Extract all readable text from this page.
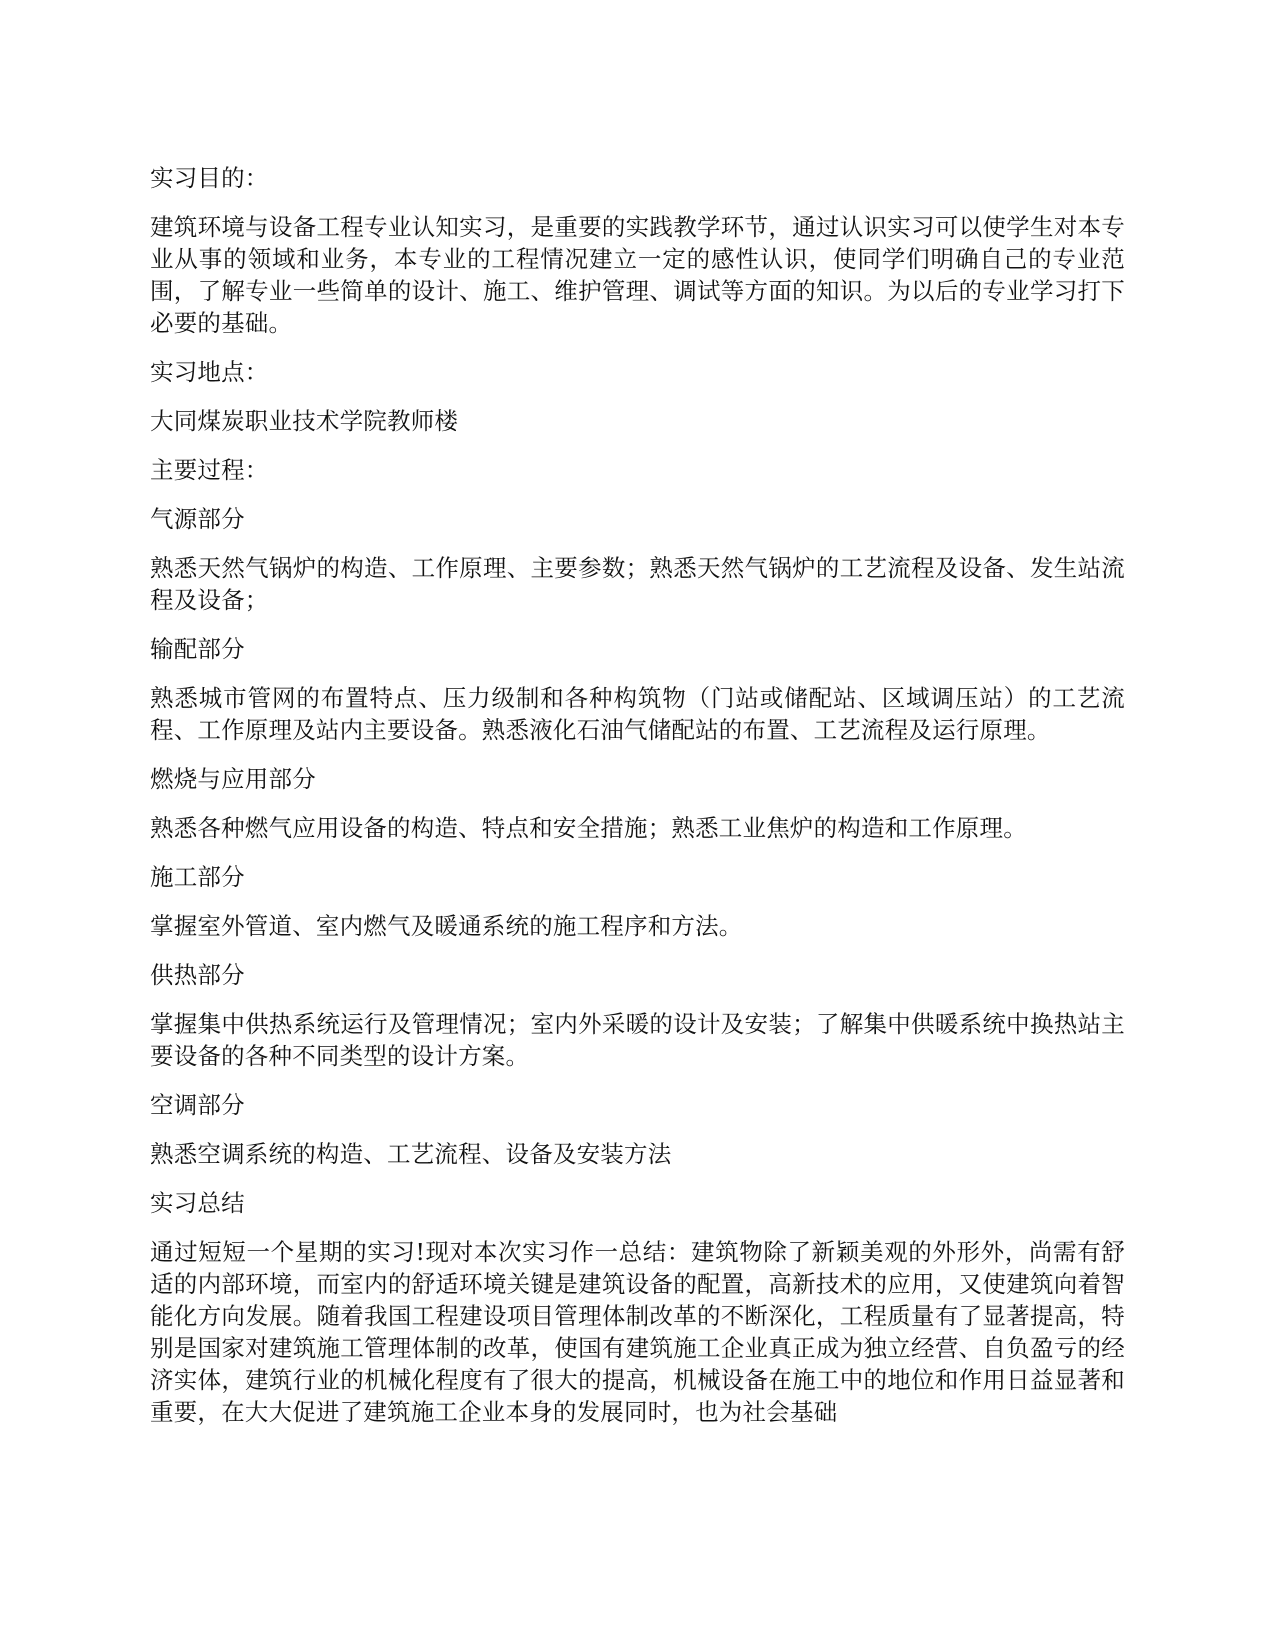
实习目的：

建筑环境与设备工程专业认知实习，是重要的实践教学环节，通过认识实习可以使学生对本专业从事的领域和业务，本专业的工程情况建立一定的感性认识，使同学们明确自己的专业范围，了解专业一些简单的设计、施工、维护管理、调试等方面的知识。为以后的专业学习打下必要的基础。

实习地点：

大同煤炭职业技术学院教师楼

主要过程：

气源部分

熟悉天然气锅炉的构造、工作原理、主要参数；熟悉天然气锅炉的工艺流程及设备、发生站流程及设备；

输配部分

熟悉城市管网的布置特点、压力级制和各种构筑物（门站或储配站、区域调压站）的工艺流程、工作原理及站内主要设备。熟悉液化石油气储配站的布置、工艺流程及运行原理。

燃烧与应用部分

熟悉各种燃气应用设备的构造、特点和安全措施；熟悉工业焦炉的构造和工作原理。

施工部分

掌握室外管道、室内燃气及暖通系统的施工程序和方法。

供热部分

掌握集中供热系统运行及管理情况；室内外采暖的设计及安装；了解集中供暖系统中换热站主要设备的各种不同类型的设计方案。

空调部分

熟悉空调系统的构造、工艺流程、设备及安装方法

实习总结

通过短短一个星期的实习!现对本次实习作一总结：建筑物除了新颖美观的外形外，尚需有舒适的内部环境，而室内的舒适环境关键是建筑设备的配置，高新技术的应用，又使建筑向着智能化方向发展。随着我国工程建设项目管理体制改革的不断深化，工程质量有了显著提高，特别是国家对建筑施工管理体制的改革，使国有建筑施工企业真正成为独立经营、自负盈亏的经济实体，建筑行业的机械化程度有了很大的提高，机械设备在施工中的地位和作用日益显著和重要，在大大促进了建筑施工企业本身的发展同时，也为社会基础
